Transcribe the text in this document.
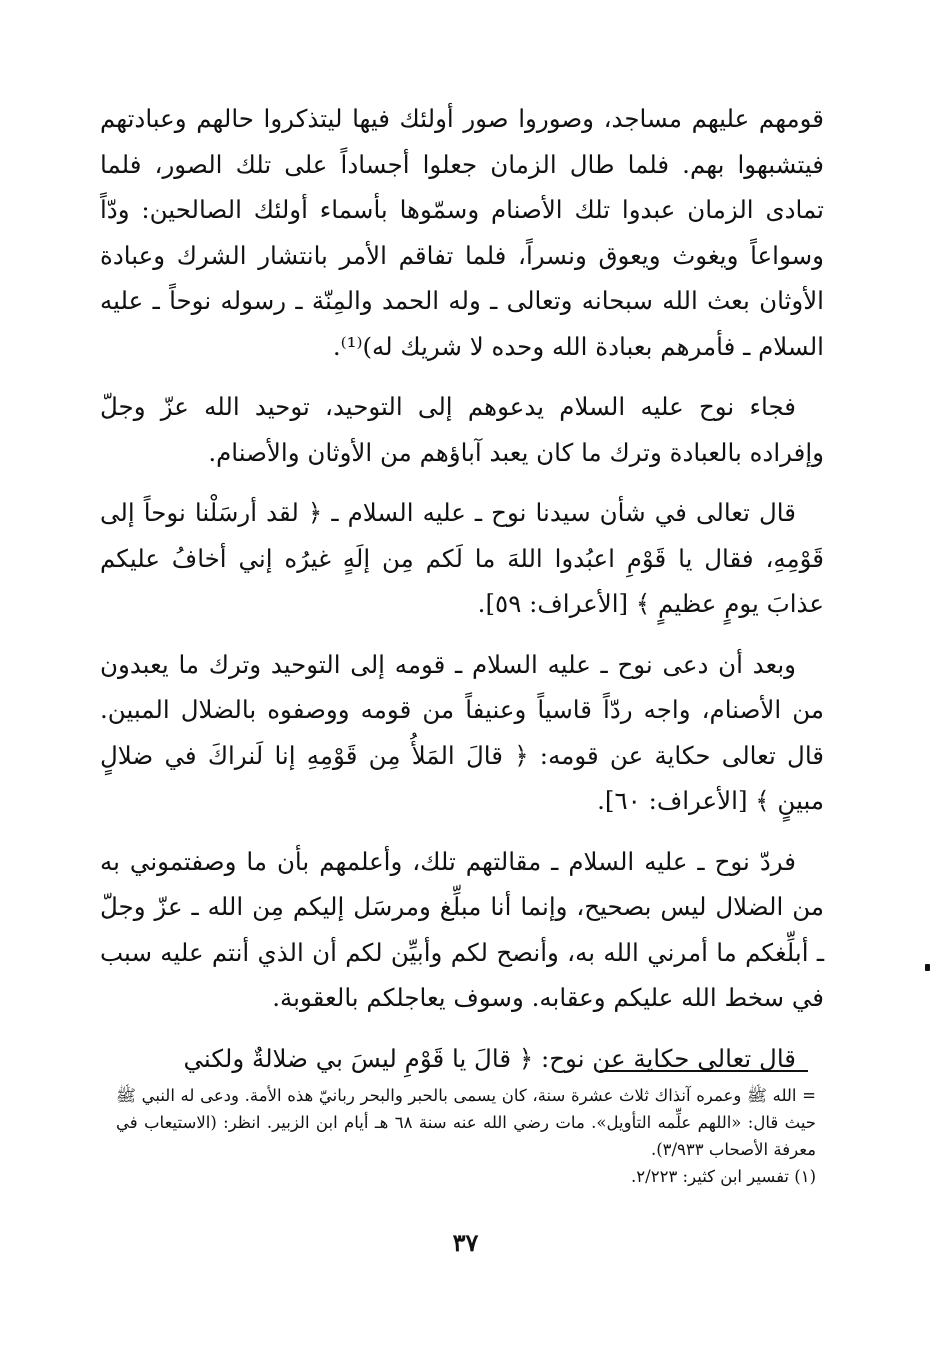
قومهم عليهم مساجد، وصوروا صور أولئك فيها ليتذكروا حالهم وعبادتهم فيتشبهوا بهم. فلما طال الزمان جعلوا أجساداً على تلك الصور، فلما تمادى الزمان عبدوا تلك الأصنام وسمّوها بأسماء أولئك الصالحين: ودّاً وسواعاً ويغوث ويعوق ونسراً، فلما تفاقم الأمر بانتشار الشرك وعبادة الأوثان بعث الله سبحانه وتعالى ـ وله الحمد والمِنّة ـ رسوله نوحاً ـ عليه السلام ـ فأمرهم بعبادة الله وحده لا شريك له)⁽¹⁾.

فجاء نوح عليه السلام يدعوهم إلى التوحيد، توحيد الله عزّ وجلّ وإفراده بالعبادة وترك ما كان يعبد آباؤهم من الأوثان والأصنام.

قال تعالى في شأن سيدنا نوح ـ عليه السلام ـ ﴿ لقد أرسَلْنا نوحاً إلى قَوْمِهِ، فقال يا قَوْمِ اعبُدوا اللهَ ما لَكم مِن إلَهٍ غيرُه إني أخافُ عليكم عذابَ يومٍ عظيمٍ ﴾ [الأعراف: ٥٩].

وبعد أن دعى نوح ـ عليه السلام ـ قومه إلى التوحيد وترك ما يعبدون من الأصنام، واجه ردّاً قاسياً وعنيفاً من قومه ووصفوه بالضلال المبين. قال تعالى حكاية عن قومه: ﴿ قالَ المَلأُ مِن قَوْمِهِ إنا لَنراكَ في ضلالٍ مبينٍ ﴾ [الأعراف: ٦٠].

فردّ نوح ـ عليه السلام ـ مقالتهم تلك، وأعلمهم بأن ما وصفتموني به من الضلال ليس بصحيح، وإنما أنا مبلِّغ ومرسَل إليكم مِن الله ـ عزّ وجلّ ـ أبلِّغكم ما أمرني الله به، وأنصح لكم وأبيِّن لكم أن الذي أنتم عليه سبب في سخط الله عليكم وعقابه. وسوف يعاجلكم بالعقوبة.

قال تعالى حكاية عن نوح: ﴿ قالَ يا قَوْمِ ليسَ بي ضلالةٌ ولكني

= الله ﷺ وعمره آنذاك ثلاث عشرة سنة، كان يسمى بالحبر والبحر ربانيّ هذه الأمة. ودعى له النبي ﷺ حيث قال: «اللهم علِّمه التأويل». مات رضي الله عنه سنة ٦٨ هـ أيام ابن الزبير. انظر: (الاستيعاب في معرفة الأصحاب ٣/٩٣٣).

(١) تفسير ابن كثير: ٢/٢٢٣.

٣٧
